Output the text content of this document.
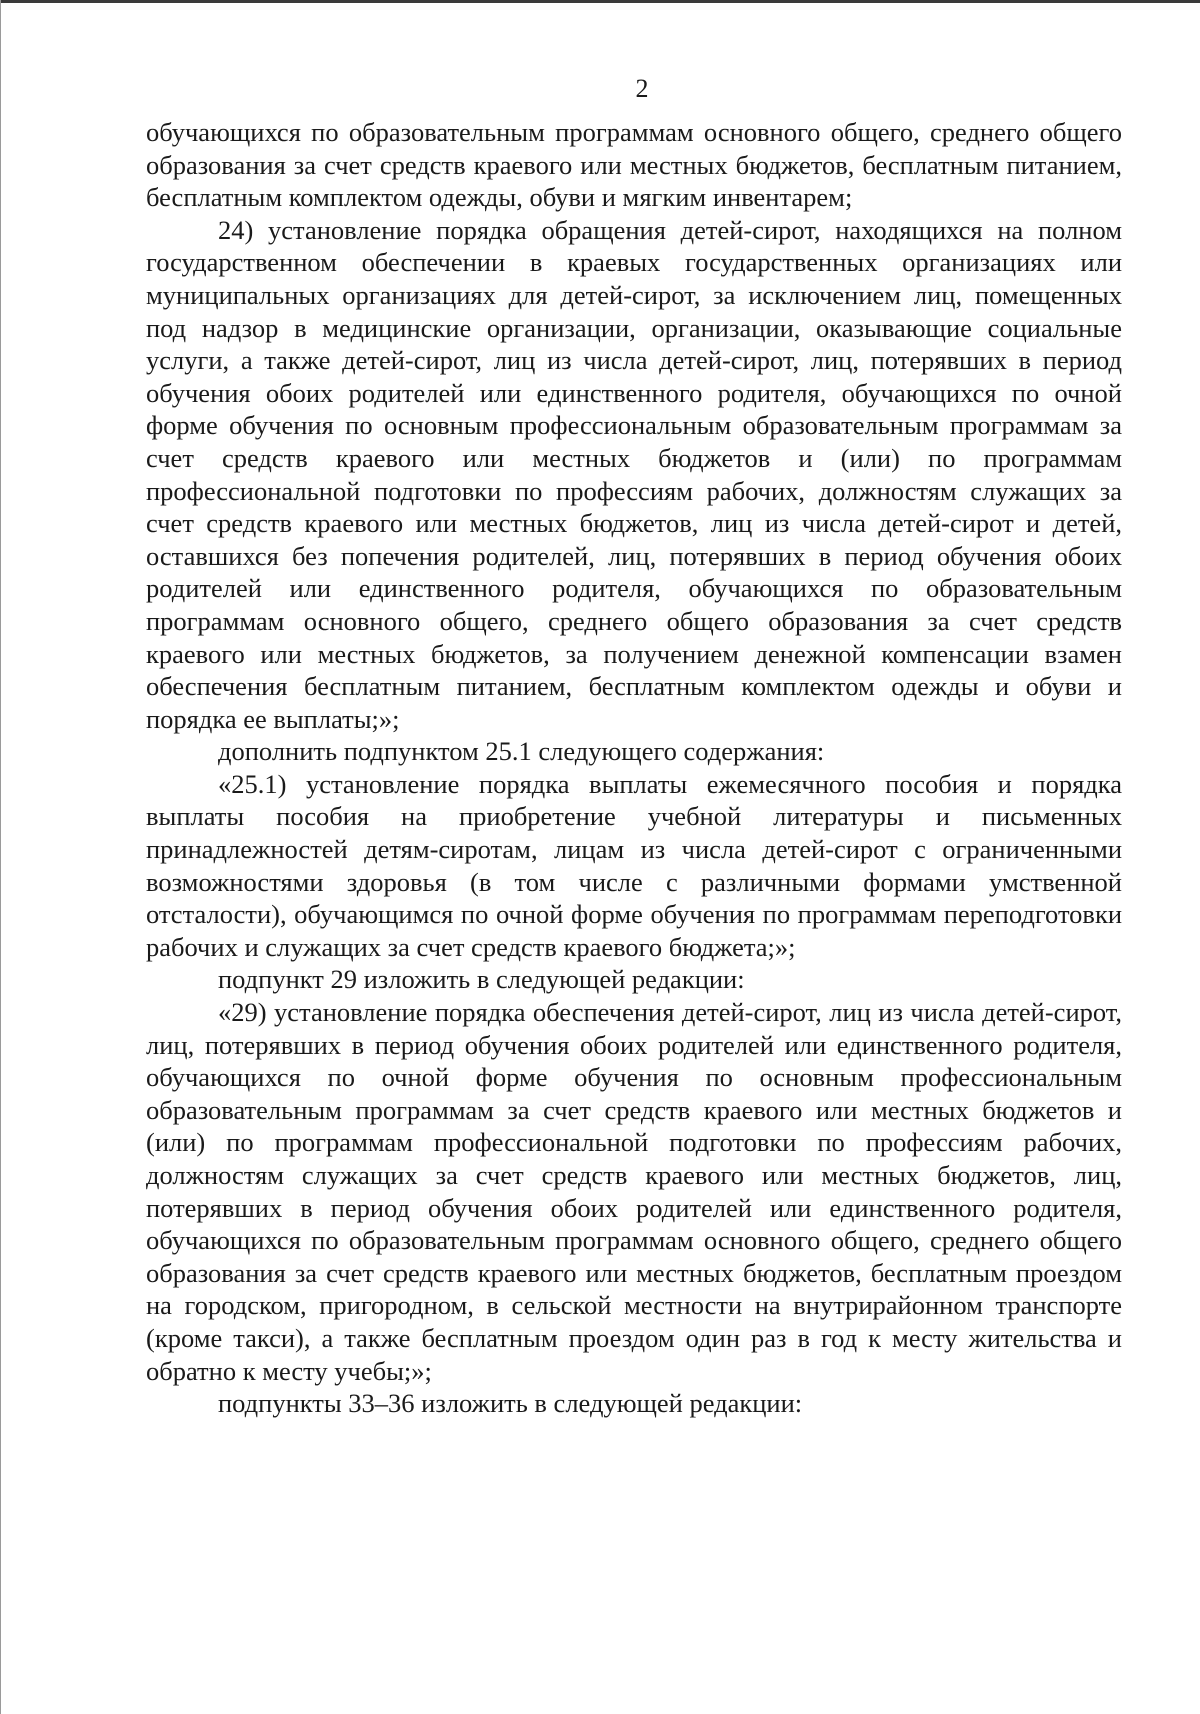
2

обучающихся по образовательным программам основного общего, среднего общего образования за счет средств краевого или местных бюджетов, бесплатным питанием, бесплатным комплектом одежды, обуви и мягким инвентарем;

24) установление порядка обращения детей-сирот, находящихся на полном государственном обеспечении в краевых государственных организациях или муниципальных организациях для детей-сирот, за исключением лиц, помещенных под надзор в медицинские организации, организации, оказывающие социальные услуги, а также детей-сирот, лиц из числа детей-сирот, лиц, потерявших в период обучения обоих родителей или единственного родителя, обучающихся по очной форме обучения по основным профессиональным образовательным программам за счет средств краевого или местных бюджетов и (или) по программам профессиональной подготовки по профессиям рабочих, должностям служащих за счет средств краевого или местных бюджетов, лиц из числа детей-сирот и детей, оставшихся без попечения родителей, лиц, потерявших в период обучения обоих родителей или единственного родителя, обучающихся по образовательным программам основного общего, среднего общего образования за счет средств краевого или местных бюджетов, за получением денежной компенсации взамен обеспечения бесплатным питанием, бесплатным комплектом одежды и обуви и порядка ее выплаты;»;

дополнить подпунктом 25.1 следующего содержания:

«25.1) установление порядка выплаты ежемесячного пособия и порядка выплаты пособия на приобретение учебной литературы и письменных принадлежностей детям-сиротам, лицам из числа детей-сирот с ограниченными возможностями здоровья (в том числе с различными формами умственной отсталости), обучающимся по очной форме обучения по программам переподготовки рабочих и служащих за счет средств краевого бюджета;»;

подпункт 29 изложить в следующей редакции:

«29) установление порядка обеспечения детей-сирот, лиц из числа детей-сирот, лиц, потерявших в период обучения обоих родителей или единственного родителя, обучающихся по очной форме обучения по основным профессиональным образовательным программам за счет средств краевого или местных бюджетов и (или) по программам профессиональной подготовки по профессиям рабочих, должностям служащих за счет средств краевого или местных бюджетов, лиц, потерявших в период обучения обоих родителей или единственного родителя, обучающихся по образовательным программам основного общего, среднего общего образования за счет средств краевого или местных бюджетов, бесплатным проездом на городском, пригородном, в сельской местности на внутрирайонном транспорте (кроме такси), а также бесплатным проездом один раз в год к месту жительства и обратно к месту учебы;»;

подпункты 33–36 изложить в следующей редакции:
